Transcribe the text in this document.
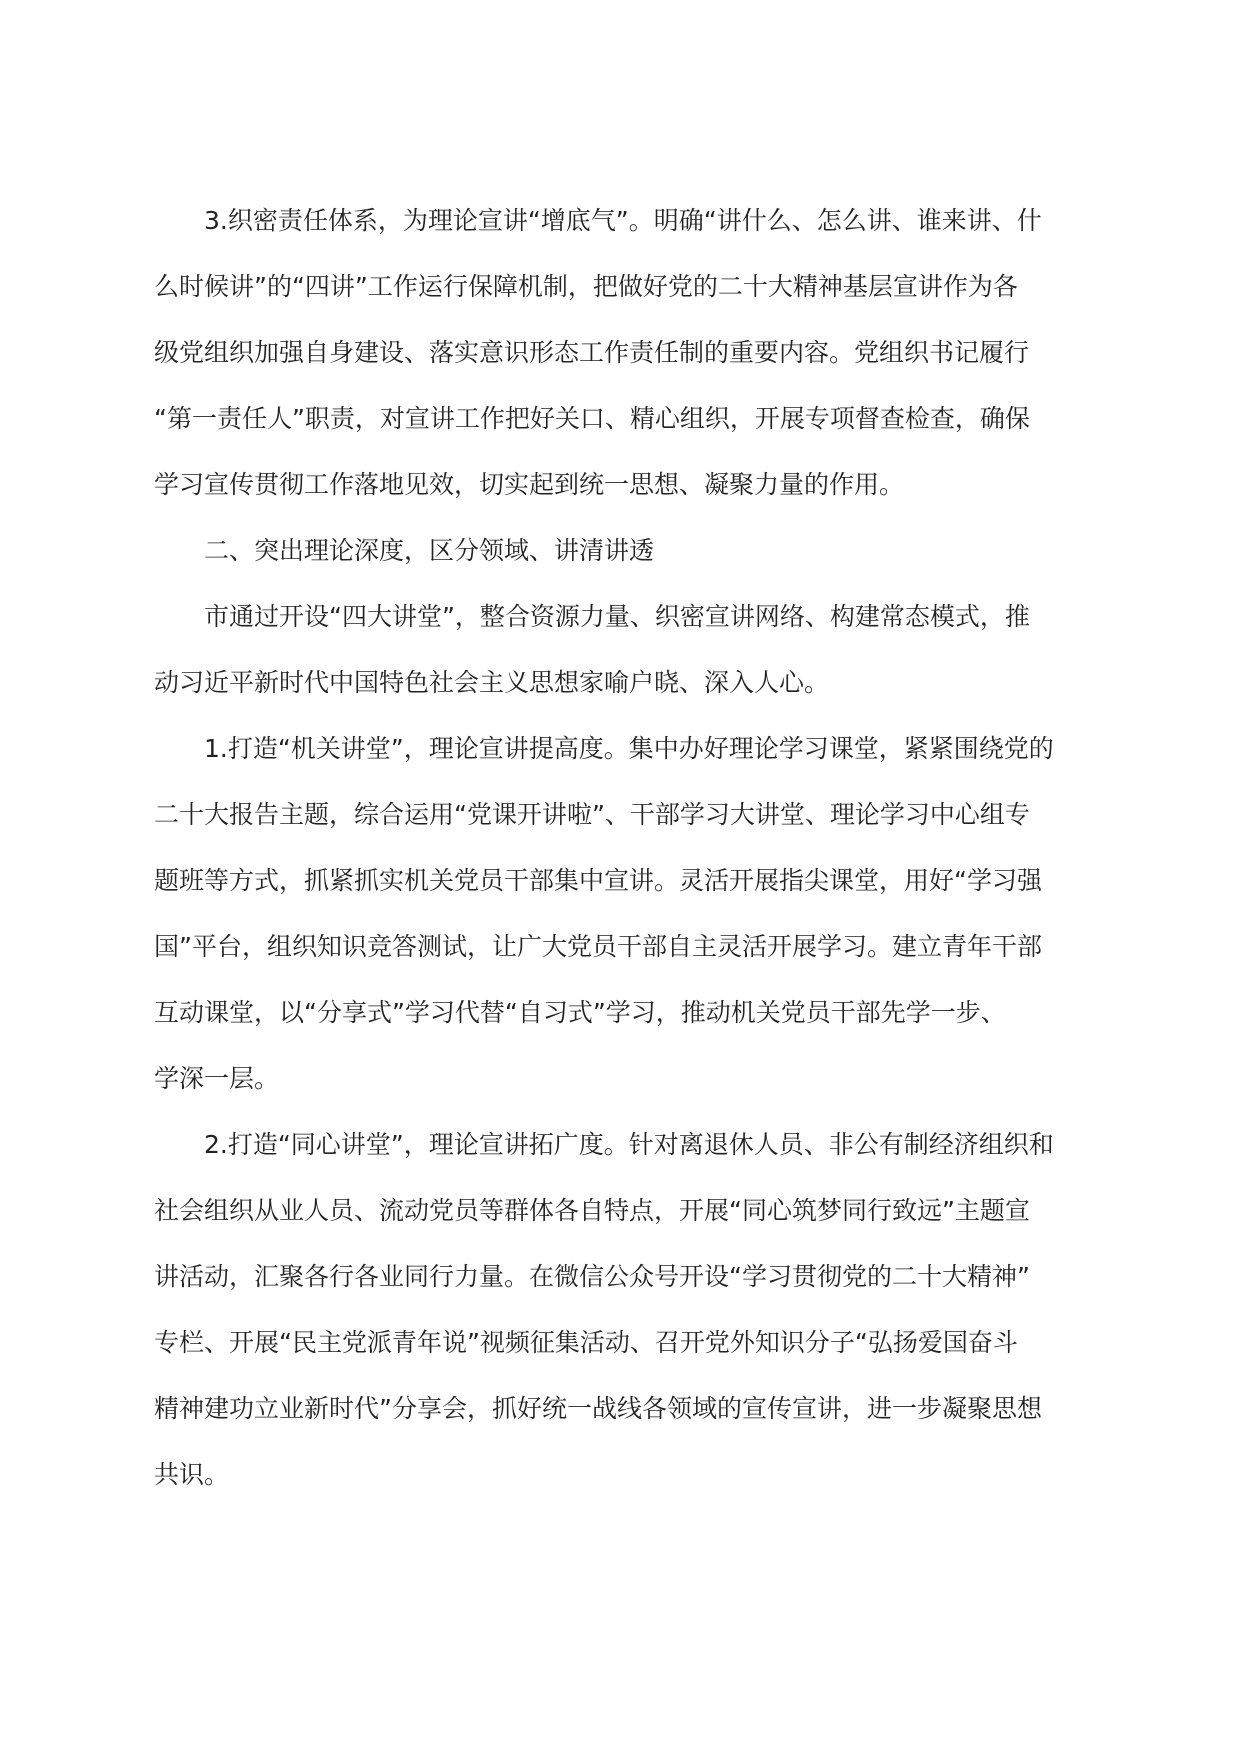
3.织密责任体系，为理论宣讲“增底气”。明确“讲什么、怎么讲、谁来讲、什

么时候讲”的“四讲”工作运行保障机制，把做好党的二十大精神基层宣讲作为各

级党组织加强自身建设、落实意识形态工作责任制的重要内容。党组织书记履行

“第一责任人”职责，对宣讲工作把好关口、精心组织，开展专项督查检查，确保

学习宣传贯彻工作落地见效，切实起到统一思想、凝聚力量的作用。

二、突出理论深度，区分领域、讲清讲透

市通过开设“四大讲堂”，整合资源力量、织密宣讲网络、构建常态模式，推

动习近平新时代中国特色社会主义思想家喻户晓、深入人心。

1.打造“机关讲堂”，理论宣讲提高度。集中办好理论学习课堂，紧紧围绕党的

二十大报告主题，综合运用“党课开讲啦”、干部学习大讲堂、理论学习中心组专

题班等方式，抓紧抓实机关党员干部集中宣讲。灵活开展指尖课堂，用好“学习强

国”平台，组织知识竞答测试，让广大党员干部自主灵活开展学习。建立青年干部

互动课堂，以“分享式”学习代替“自习式”学习，推动机关党员干部先学一步、

学深一层。

2.打造“同心讲堂”，理论宣讲拓广度。针对离退休人员、非公有制经济组织和

社会组织从业人员、流动党员等群体各自特点，开展“同心筑梦同行致远”主题宣

讲活动，汇聚各行各业同行力量。在微信公众号开设“学习贯彻党的二十大精神”

专栏、开展“民主党派青年说”视频征集活动、召开党外知识分子“弘扬爱国奋斗

精神建功立业新时代”分享会，抓好统一战线各领域的宣传宣讲，进一步凝聚思想

共识。
